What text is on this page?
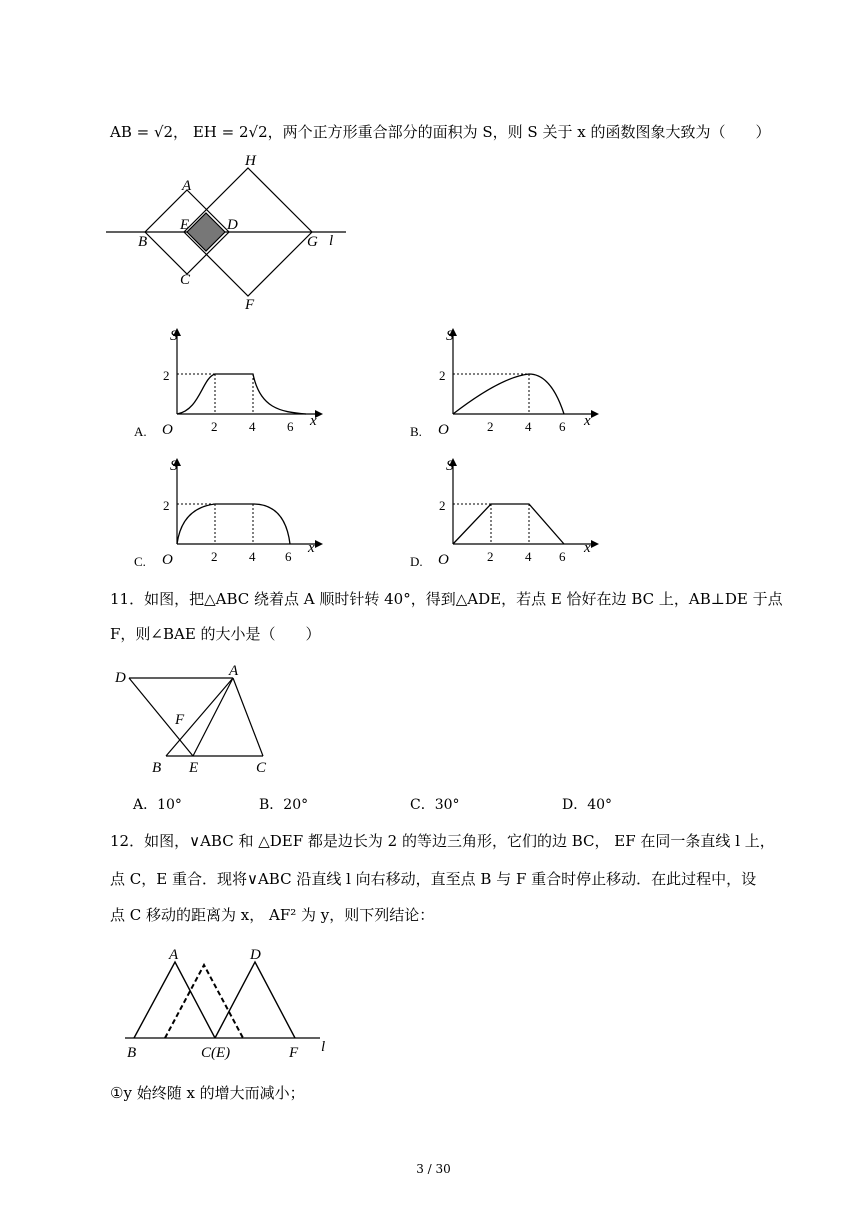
AB = √2， EH = 2√2，两个正方形重合部分的面积为 S，则 S 关于 x 的函数图象大致为（　　）
H
A
E	D
B	G l
C
F
S
2
2 4 6 x
O
A.
S
2
2 4 6 x
O
B.
S
2
2 4 6
x
O
C.
S
2
2 4 6
x
O
D.
11．如图，把△ABC 绕着点 A 顺时针转 40°，得到△ADE，若点 E 恰好在边 BC 上，AB⊥DE 于点
F，则∠BAE 的大小是（　　）
D	A
F
B E	C
A．10°	B．20°	C．30°	D．40°
12．如图，∨ABC 和 △DEF 都是边长为 2 的等边三角形，它们的边 BC， EF 在同一条直线 l 上，
点 C，E 重合．现将∨ABC 沿直线 l 向右移动，直至点 B 与 F 重合时停止移动．在此过程中，设
点 C 移动的距离为 x， AF² 为 y，则下列结论：
A	D
B	C(E)	F l
①y 始终随 x 的增大而减小；
3 / 30
